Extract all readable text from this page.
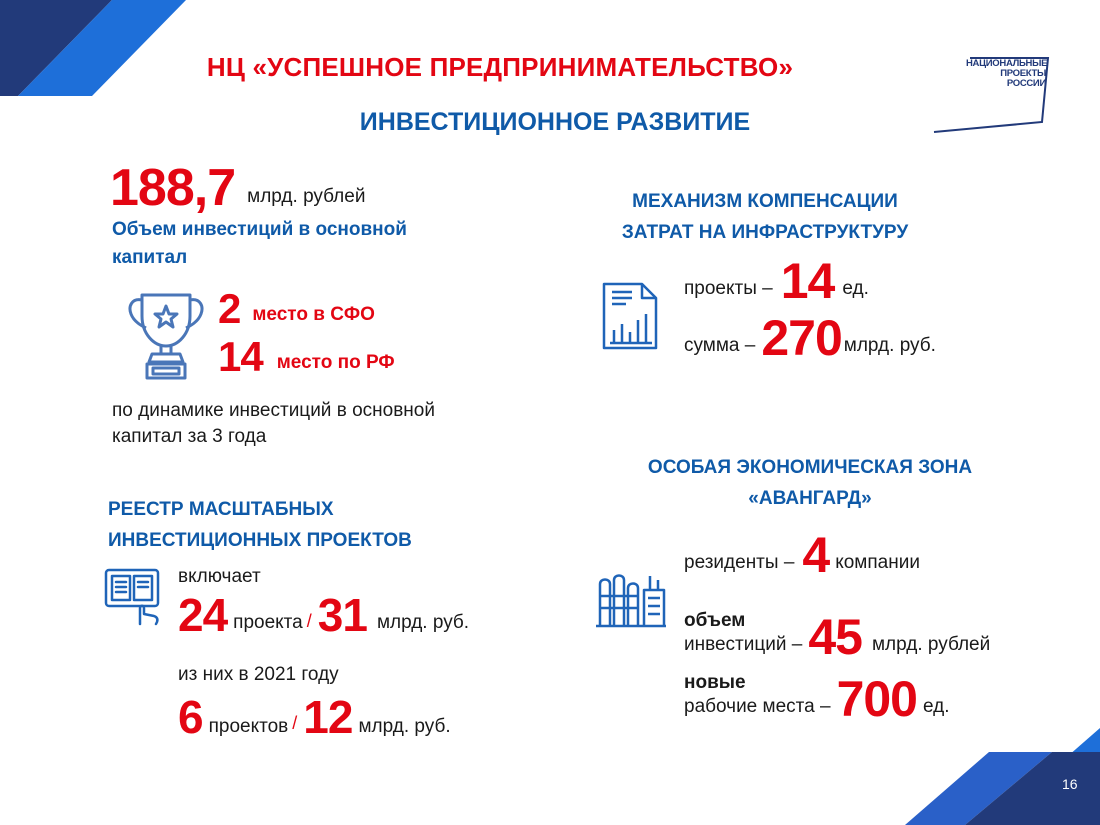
НЦ «УСПЕШНОЕ ПРЕДПРИНИМАТЕЛЬСТВО»
ИНВЕСТИЦИОННОЕ РАЗВИТИЕ
НАЦИОНАЛЬНЫЕ
ПРОЕКТЫ
РОССИИ
188,7 млрд. рублей
Объем инвестиций в основной капитал
2 место в СФО
14 место по РФ
по динамике инвестиций в основной капитал за 3 года
РЕЕСТР МАСШТАБНЫХ
ИНВЕСТИЦИОННЫХ ПРОЕКТОВ
включает
24 проекта / 31 млрд. руб.
из них в 2021 году
6 проектов / 12 млрд. руб.
МЕХАНИЗМ КОМПЕНСАЦИИ
ЗАТРАТ НА ИНФРАСТРУКТУРУ
проекты – 14 ед.
сумма – 270 млрд. руб.
ОСОБАЯ ЭКОНОМИЧЕСКАЯ ЗОНА
«АВАНГАРД»
резиденты – 4 компании
объем
инвестиций – 45 млрд. рублей
новые
рабочие места – 700 ед.
16
